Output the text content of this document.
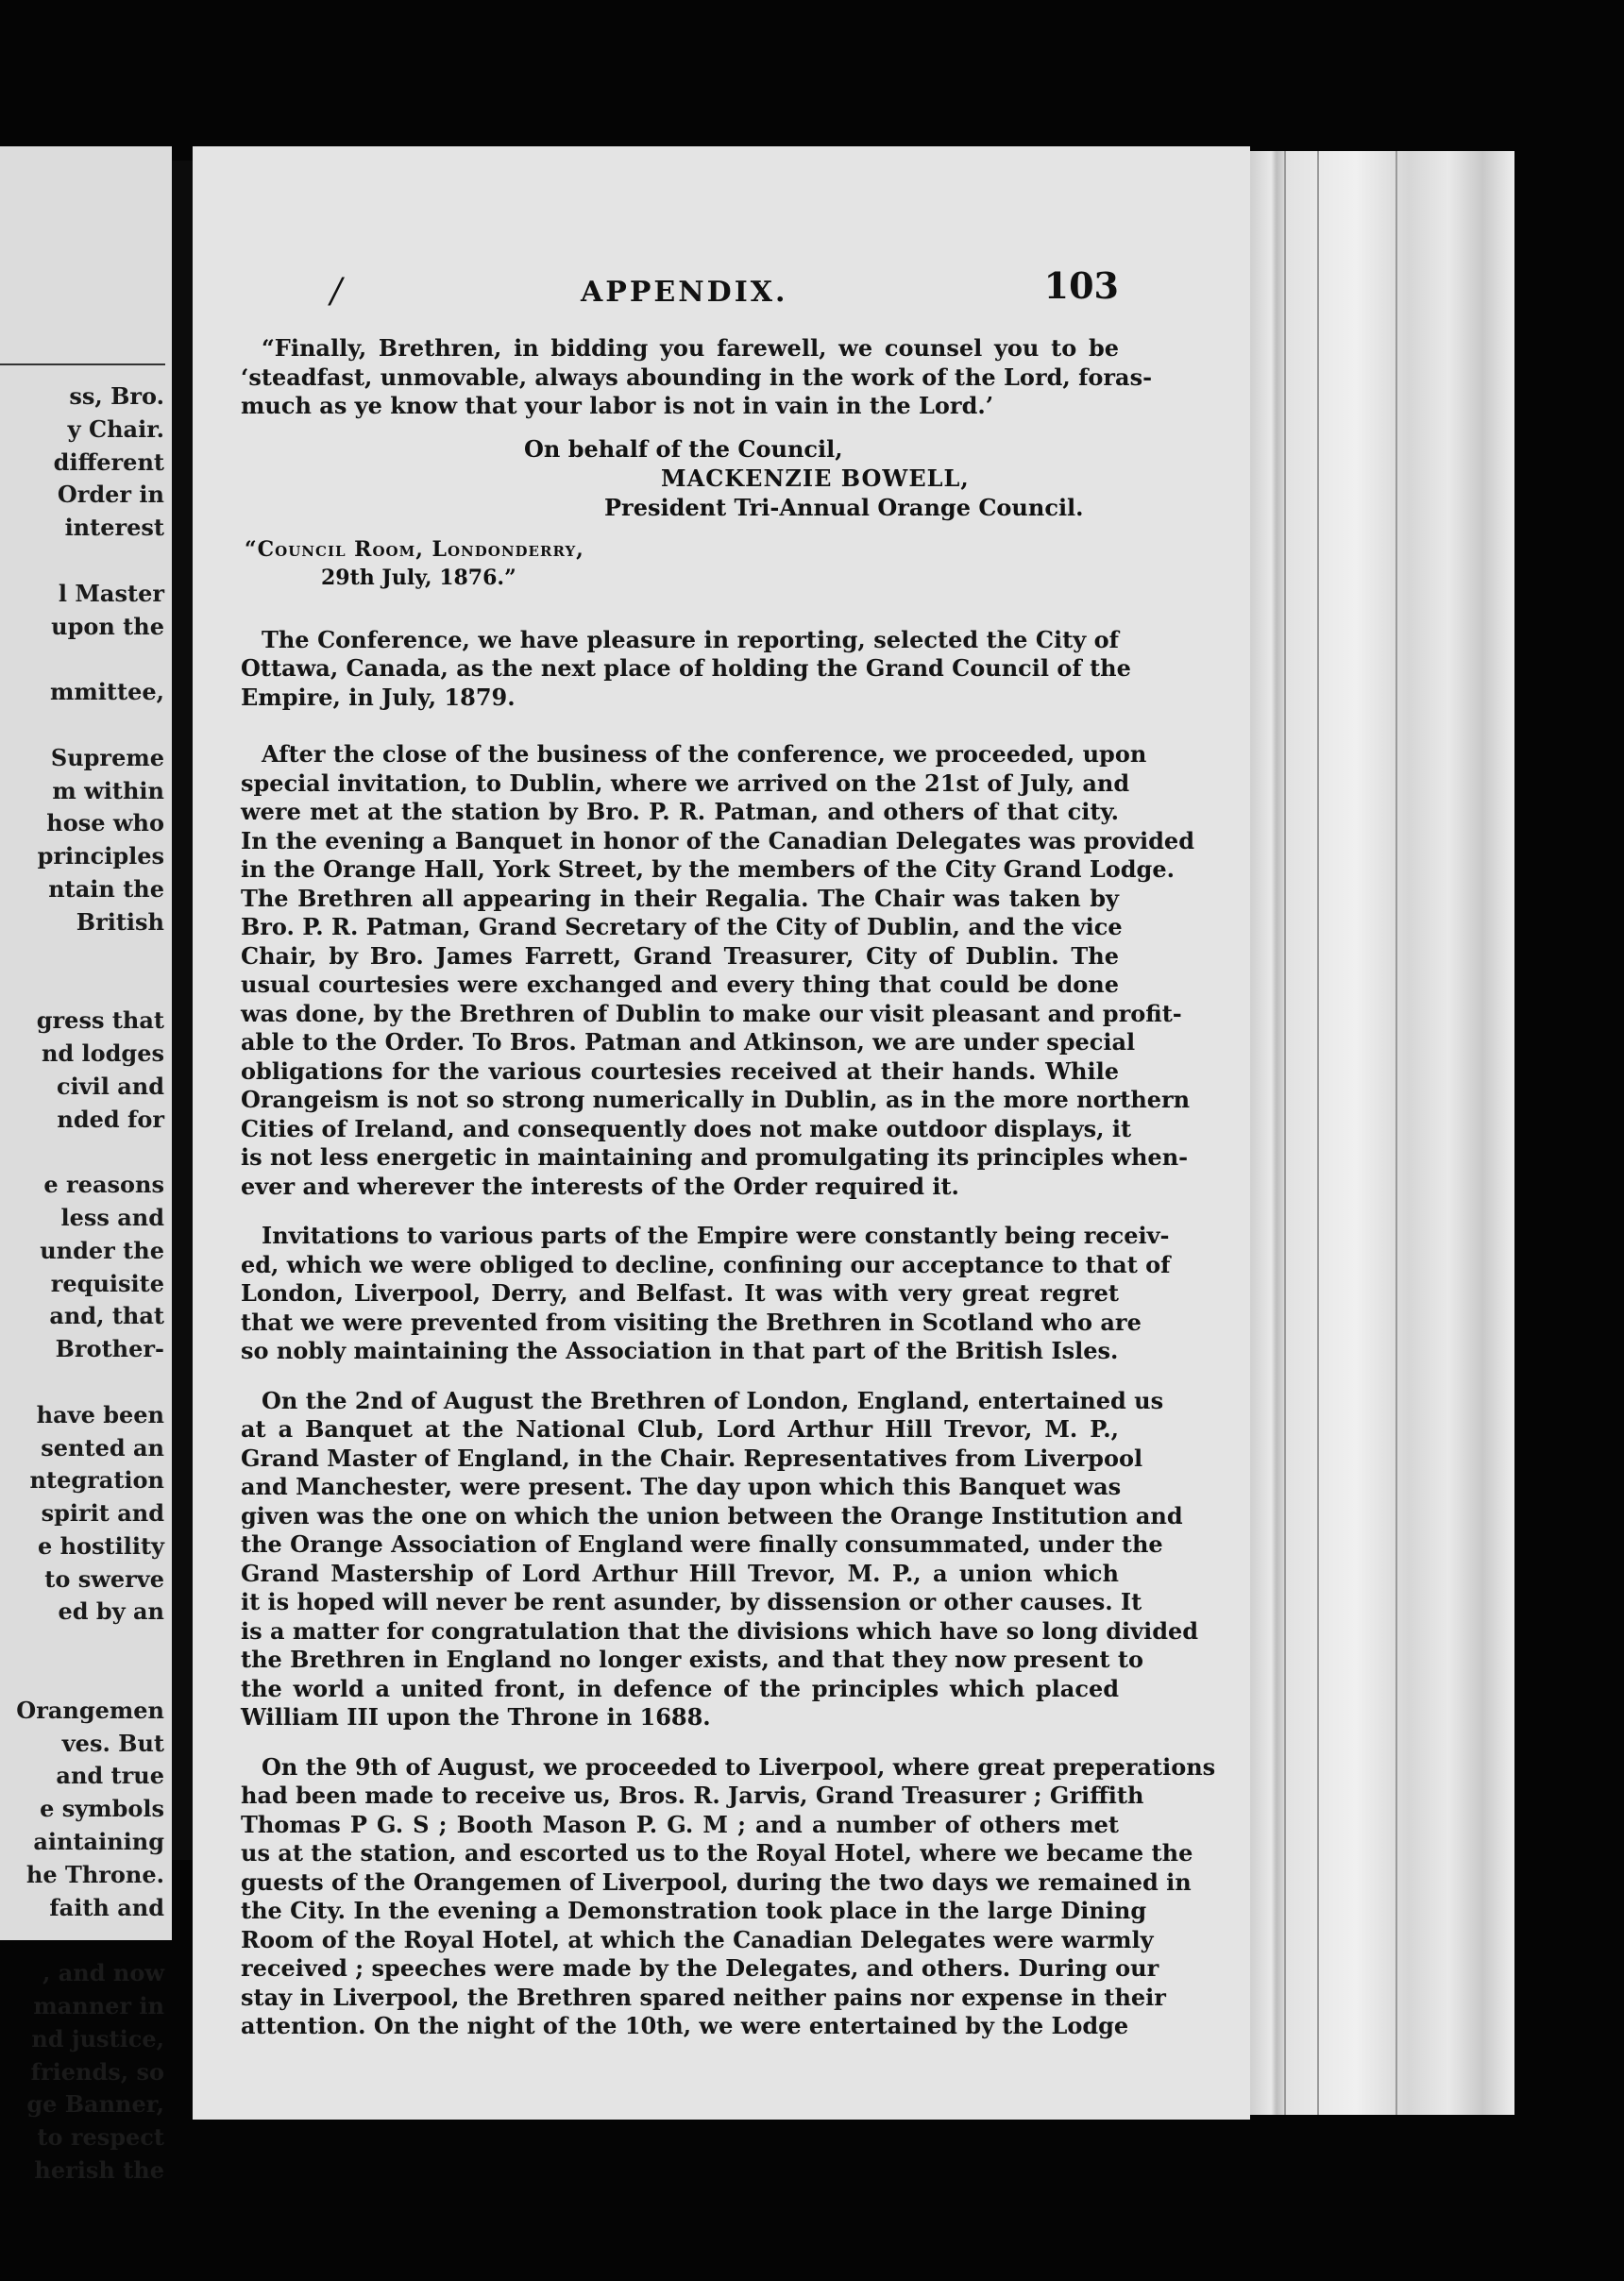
ss, Bro.
y Chair.
different
Order in
interest
l Master
upon the
mmittee,
Supreme
m within
hose who
principles
ntain the
British
gress that
nd lodges
civil and
nded for
e reasons
less and
under the
requisite
and, that
Brother-
have been
sented an
ntegration
spirit and
e hostility
to swerve
ed by an
Orangemen
ves. But
and true
e symbols
aintaining
he Throne.
faith and
, and now
manner in
nd justice,
friends, so
ge Banner,
to respect
herish the
/	APPENDIX.	103

“Finally, Brethren, in bidding you farewell, we counsel you to be
‘steadfast, unmovable, always abounding in the work of the Lord, foras-
much as ye know that your labor is not in vain in the Lord.’

On behalf of the Council,
MACKENZIE BOWELL,
President Tri-Annual Orange Council.
“Council Room, Londonderry,
29th July, 1876.”

The Conference, we have pleasure in reporting, selected the City of
Ottawa, Canada, as the next place of holding the Grand Council of the
Empire, in July, 1879.

After the close of the business of the conference, we proceeded, upon
special invitation, to Dublin, where we arrived on the 21st of July, and
were met at the station by Bro. P. R. Patman, and others of that city.
In the evening a Banquet in honor of the Canadian Delegates was provided
in the Orange Hall, York Street, by the members of the City Grand Lodge.
The Brethren all appearing in their Regalia. The Chair was taken by
Bro. P. R. Patman, Grand Secretary of the City of Dublin, and the vice
Chair, by Bro. James Farrett, Grand Treasurer, City of Dublin. The
usual courtesies were exchanged and every thing that could be done
was done, by the Brethren of Dublin to make our visit pleasant and profit-
able to the Order. To Bros. Patman and Atkinson, we are under special
obligations for the various courtesies received at their hands. While
Orangeism is not so strong numerically in Dublin, as in the more northern
Cities of Ireland, and consequently does not make outdoor displays, it
is not less energetic in maintaining and promulgating its principles when-
ever and wherever the interests of the Order required it.

Invitations to various parts of the Empire were constantly being receiv-
ed, which we were obliged to decline, confining our acceptance to that of
London, Liverpool, Derry, and Belfast. It was with very great regret
that we were prevented from visiting the Brethren in Scotland who are
so nobly maintaining the Association in that part of the British Isles.

On the 2nd of August the Brethren of London, England, entertained us
at a Banquet at the National Club, Lord Arthur Hill Trevor, M. P.,
Grand Master of England, in the Chair. Representatives from Liverpool
and Manchester, were present. The day upon which this Banquet was
given was the one on which the union between the Orange Institution and
the Orange Association of England were finally consummated, under the
Grand Mastership of Lord Arthur Hill Trevor, M. P., a union which
it is hoped will never be rent asunder, by dissension or other causes. It
is a matter for congratulation that the divisions which have so long divided
the Brethren in England no longer exists, and that they now present to
the world a united front, in defence of the principles which placed
William III upon the Throne in 1688.

On the 9th of August, we proceeded to Liverpool, where great preperations
had been made to receive us, Bros. R. Jarvis, Grand Treasurer ; Griffith
Thomas P G. S ; Booth Mason P. G. M ; and a number of others met
us at the station, and escorted us to the Royal Hotel, where we became the
guests of the Orangemen of Liverpool, during the two days we remained in
the City. In the evening a Demonstration took place in the large Dining
Room of the Royal Hotel, at which the Canadian Delegates were warmly
received ; speeches were made by the Delegates, and others. During our
stay in Liverpool, the Brethren spared neither pains nor expense in their
attention. On the night of the 10th, we were entertained by the Lodge
